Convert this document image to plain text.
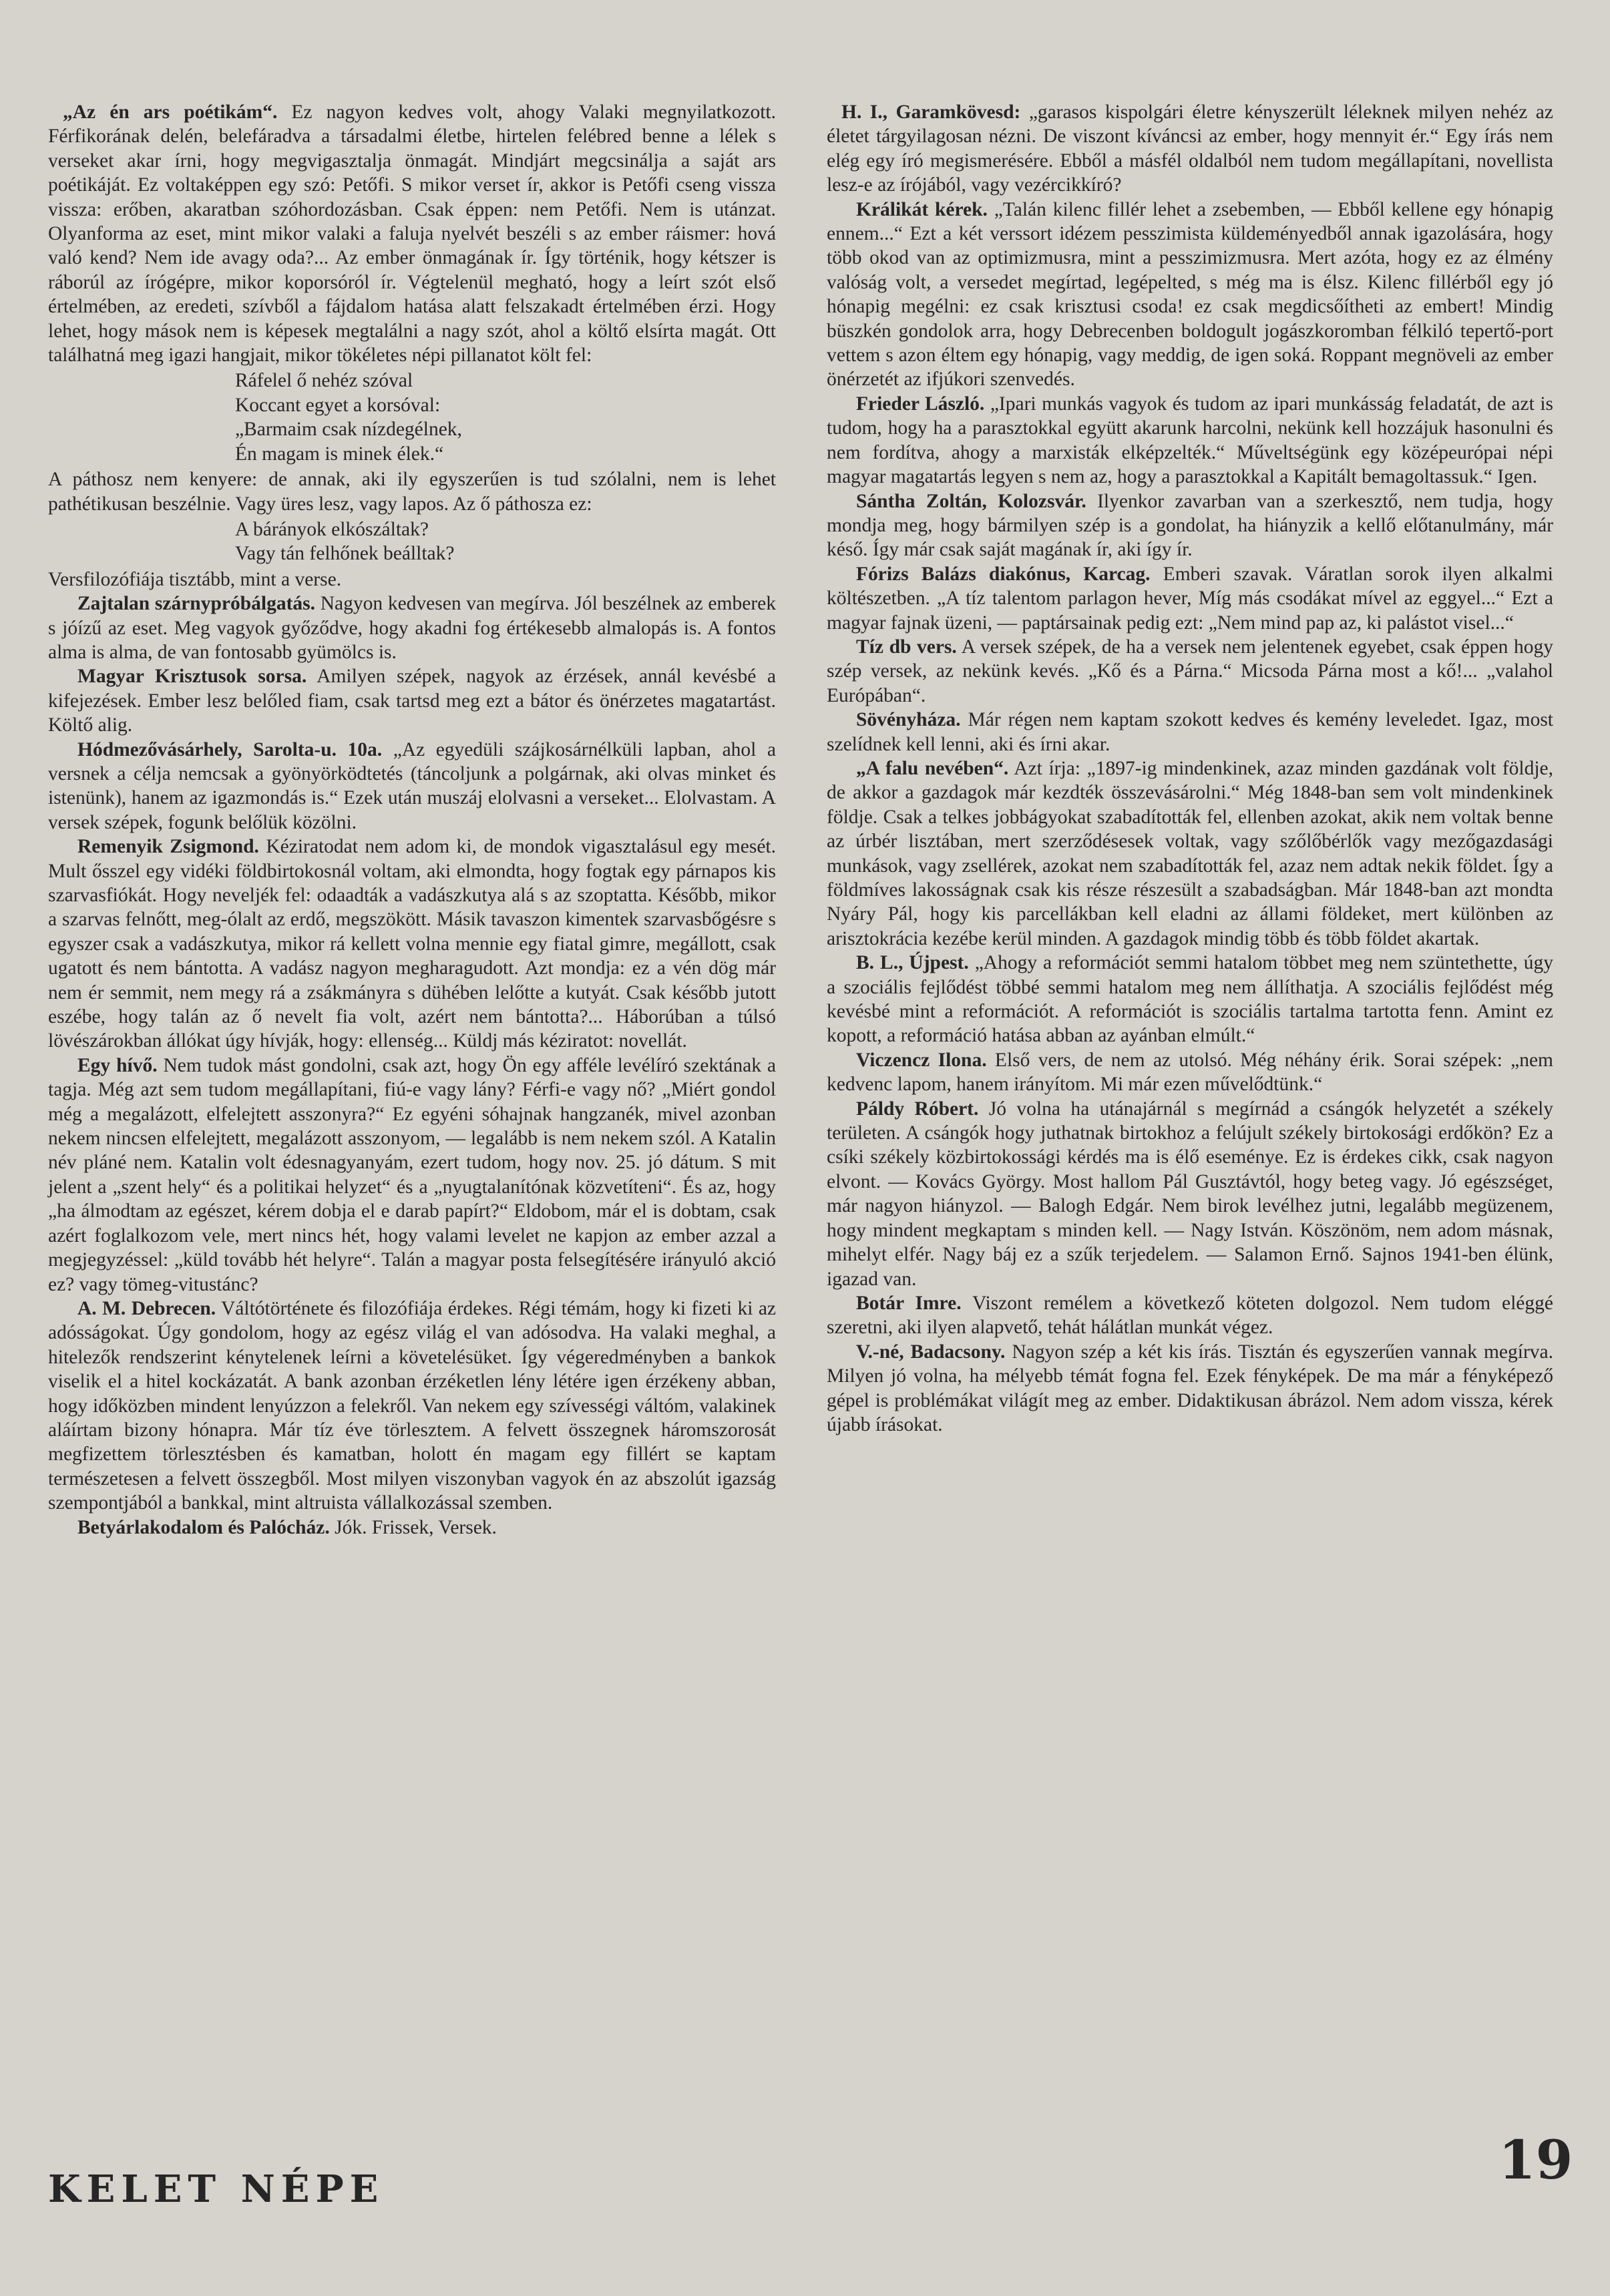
„Az én ars poétikám“. Ez nagyon kedves volt, ahogy Valaki megnyilatkozott. Férfikorának delén, belefáradva a társadalmi életbe, hirtelen felébred benne a lélek s verseket akar írni, hogy megvigasztalja önmagát. Mindjárt megcsinálja a saját ars poétikáját. Ez voltaképpen egy szó: Petőfi. S mikor verset ír, akkor is Petőfi cseng vissza vissza: erőben, akaratban szóhordozásban. Csak éppen: nem Petőfi. Nem is utánzat. Olyanforma az eset, mint mikor valaki a faluja nyelvét beszéli s az ember ráismer: hová való kend? Nem ide avagy oda?... Az ember önmagának ír. Így történik, hogy kétszer is ráborúl az írógépre, mikor koporsóról ír. Végtelenül megható, hogy a leírt szót első értelmében, az eredeti, szívből a fájdalom hatása alatt felszakadt értelmében érzi. Hogy lehet, hogy mások nem is képesek megtalálni a nagy szót, ahol a költő elsírta magát. Ott találhatná meg igazi hangjait, mikor tökéletes népi pillanatot költ fel:

Ráfelel ő nehéz szóval
Koccant egyet a korsóval:
„Barmaim csak nízdegélnek,
Én magam is minek élek.“

A páthosz nem kenyere: de annak, aki ily egyszerűen is tud szólalni, nem is lehet pathétikusan beszélnie. Vagy üres lesz, vagy lapos. Az ő páthosza ez:

A bárányok elkószáltak?
Vagy tán felhőnek beálltak?

Versfilozófiája tisztább, mint a verse.

Zajtalan szárnypróbálgatás. Nagyon kedvesen van megírva. Jól beszélnek az emberek s jóízű az eset. Meg vagyok győződve, hogy akadni fog értékesebb almalopás is. A fontos alma is alma, de van fontosabb gyümölcs is.

Magyar Krisztusok sorsa. Amilyen szépek, nagyok az érzések, annál kevésbé a kifejezések. Ember lesz belőled fiam, csak tartsd meg ezt a bátor és önérzetes magatartást. Költő alig.

Hódmezővásárhely, Sarolta-u. 10a. „Az egyedüli szájkosárnélküli lapban, ahol a versnek a célja nemcsak a gyönyörködtetés (táncoljunk a polgárnak, aki olvas minket és istenünk), hanem az igazmondás is.“ Ezek után muszáj elolvasni a verseket... Elolvastam. A versek szépek, fogunk belőlük közölni.

Remenyik Zsigmond. Kéziratodat nem adom ki, de mondok vigasztalásul egy mesét. Mult ősszel egy vidéki földbirtokosnál voltam, aki elmondta, hogy fogtak egy párnapos kis szarvasfiókát. Hogy neveljék fel: odaadták a vadászkutya alá s az szoptatta. Később, mikor a szarvas felnőtt, meg-ólalt az erdő, megszökött. Másik tavaszon kimentek szarvasbőgésre s egyszer csak a vadászkutya, mikor rá kellett volna mennie egy fiatal gimre, megállott, csak ugatott és nem bántotta. A vadász nagyon megharagudott. Azt mondja: ez a vén dög már nem ér semmit, nem megy rá a zsákmányra s dühében lelőtte a kutyát. Csak később jutott eszébe, hogy talán az ő nevelt fia volt, azért nem bántotta?... Háborúban a túlsó lövészárokban állókat úgy hívják, hogy: ellenség... Küldj más kéziratot: novellát.

Egy hívő. Nem tudok mást gondolni, csak azt, hogy Ön egy afféle levélíró szektának a tagja. Még azt sem tudom megállapítani, fiú-e vagy lány? Férfi-e vagy nő? „Miért gondol még a megalázott, elfelejtett asszonyra?“ Ez egyéni sóhajnak hangzanék, mivel azonban nekem nincsen elfelejtett, megalázott asszonyom, — legalább is nem nekem szól. A Katalin név pláné nem. Katalin volt édesnagyanyám, ezert tudom, hogy nov. 25. jó dátum. S mit jelent a „szent hely“ és a politikai helyzet“ és a „nyugtalanítónak közvetíteni“. És az, hogy „ha álmodtam az egészet, kérem dobja el e darab papírt?“ Eldobom, már el is dobtam, csak azért foglalkozom vele, mert nincs hét, hogy valami levelet ne kapjon az ember azzal a megjegyzéssel: „küld tovább hét helyre“. Talán a magyar posta felsegítésére irányuló akció ez? vagy tömeg-vitustánc?

A. M. Debrecen. Váltótörténete és filozófiája érdekes. Régi témám, hogy ki fizeti ki az adósságokat. Úgy gondolom, hogy az egész világ el van adósodva. Ha valaki meghal, a hitelezők rendszerint kénytelenek leírni a követelésüket. Így végeredményben a bankok viselik el a hitel kockázatát. A bank azonban érzéketlen lény létére igen érzékeny abban, hogy időközben mindent lenyúzzon a felekről. Van nekem egy szívességi váltóm, valakinek aláírtam bizony hónapra. Már tíz éve törlesztem. A felvett összegnek háromszorosát megfizettem törlesztésben és kamatban, holott én magam egy fillért se kaptam természetesen a felvett összegből. Most milyen viszonyban vagyok én az abszolút igazság szempontjából a bankkal, mint altruista vállalkozással szemben.

Betyárlakodalom és Palócház. Jók. Frissek, Versek.

H. I., Garamkövesd: „garasos kispolgári életre kényszerült léleknek milyen nehéz az életet tárgyilagosan nézni. De viszont kíváncsi az ember, hogy mennyit ér.“ Egy írás nem elég egy író megismerésére. Ebből a másfél oldalból nem tudom megállapítani, novellista lesz-e az írójából, vagy vezércikkíró?

Králikát kérek. „Talán kilenc fillér lehet a zsebemben, — Ebből kellene egy hónapig ennem...“ Ezt a két verssort idézem pesszimista küldeményedből annak igazolására, hogy több okod van az optimizmusra, mint a pesszimizmusra. Mert azóta, hogy ez az élmény valóság volt, a versedet megírtad, legépelted, s még ma is élsz. Kilenc fillérből egy jó hónapig megélni: ez csak krisztusi csoda! ez csak megdicsőítheti az embert! Mindig büszkén gondolok arra, hogy Debrecenben boldogult jogászkoromban félkiló tepertő-port vettem s azon éltem egy hónapig, vagy meddig, de igen soká. Roppant megnöveli az ember önérzetét az ifjúkori szenvedés.

Frieder László. „Ipari munkás vagyok és tudom az ipari munkásság feladatát, de azt is tudom, hogy ha a parasztokkal együtt akarunk harcolni, nekünk kell hozzájuk hasonulni és nem fordítva, ahogy a marxisták elképzelték.“ Műveltségünk egy középeurópai népi magyar magatartás legyen s nem az, hogy a parasztokkal a Kapitált bemagoltassuk.“ Igen.

Sántha Zoltán, Kolozsvár. Ilyenkor zavarban van a szerkesztő, nem tudja, hogy mondja meg, hogy bármilyen szép is a gondolat, ha hiányzik a kellő előtanulmány, már késő. Így már csak saját magának ír, aki így ír.

Fórizs Balázs diakónus, Karcag. Emberi szavak. Váratlan sorok ilyen alkalmi költészetben. „A tíz talentom parlagon hever, Míg más csodákat mível az eggyel...“ Ezt a magyar fajnak üzeni, — paptársainak pedig ezt: „Nem mind pap az, ki palástot visel...“

Tíz db vers. A versek szépek, de ha a versek nem jelentenek egyebet, csak éppen hogy szép versek, az nekünk kevés. „Kő és a Párna.“ Micsoda Párna most a kő!... „valahol Európában“.

Sövényháza. Már régen nem kaptam szokott kedves és kemény leveledet. Igaz, most szelídnek kell lenni, aki és írni akar.

„A falu nevében“. Azt írja: „1897-ig mindenkinek, azaz minden gazdának volt földje, de akkor a gazdagok már kezdték összevásárolni.“ Még 1848-ban sem volt mindenkinek földje. Csak a telkes jobbágyokat szabadították fel, ellenben azokat, akik nem voltak benne az úrbér lisztában, mert szerződésesek voltak, vagy szőlőbérlők vagy mezőgazdasági munkások, vagy zsellérek, azokat nem szabadították fel, azaz nem adtak nekik földet. Így a földmíves lakosságnak csak kis része részesült a szabadságban. Már 1848-ban azt mondta Nyáry Pál, hogy kis parcellákban kell eladni az állami földeket, mert különben az arisztokrácia kezébe kerül minden. A gazdagok mindig több és több földet akartak.

B. L., Újpest. „Ahogy a reformációt semmi hatalom többet meg nem szüntethette, úgy a szociális fejlődést többé semmi hatalom meg nem állíthatja. A szociális fejlődést még kevésbé mint a reformációt. A reformációt is szociális tartalma tartotta fenn. Amint ez kopott, a reformáció hatása abban az ayánban elmúlt.“

Viczencz Ilona. Első vers, de nem az utolsó. Még néhány érik. Sorai szépek: „nem kedvenc lapom, hanem irányítom. Mi már ezen művelődtünk.“

Páldy Róbert. Jó volna ha utánajárnál s megírnád a csángók helyzetét a székely területen. A csángók hogy juthatnak birtokhoz a felújult székely birtokosági erdőkön? Ez a csíki székely közbirtokossági kérdés ma is élő eseménye. Ez is érdekes cikk, csak nagyon elvont. — Kovács György. Most hallom Pál Gusztávtól, hogy beteg vagy. Jó egészséget, már nagyon hiányzol. — Balogh Edgár. Nem birok levélhez jutni, legalább megüzenem, hogy mindent megkaptam s minden kell. — Nagy István. Köszönöm, nem adom másnak, mihelyt elfér. Nagy báj ez a szűk terjedelem. — Salamon Ernő. Sajnos 1941-ben élünk, igazad van.

Botár Imre. Viszont remélem a következő köteten dolgozol. Nem tudom eléggé szeretni, aki ilyen alapvető, tehát hálátlan munkát végez.

V.-né, Badacsony. Nagyon szép a két kis írás. Tisztán és egyszerűen vannak megírva. Milyen jó volna, ha mélyebb témát fogna fel. Ezek fényképek. De ma már a fényképező gépel is problémákat világít meg az ember. Didaktikusan ábrázol. Nem adom vissza, kérek újabb írásokat.

KELET NÉPE	19
